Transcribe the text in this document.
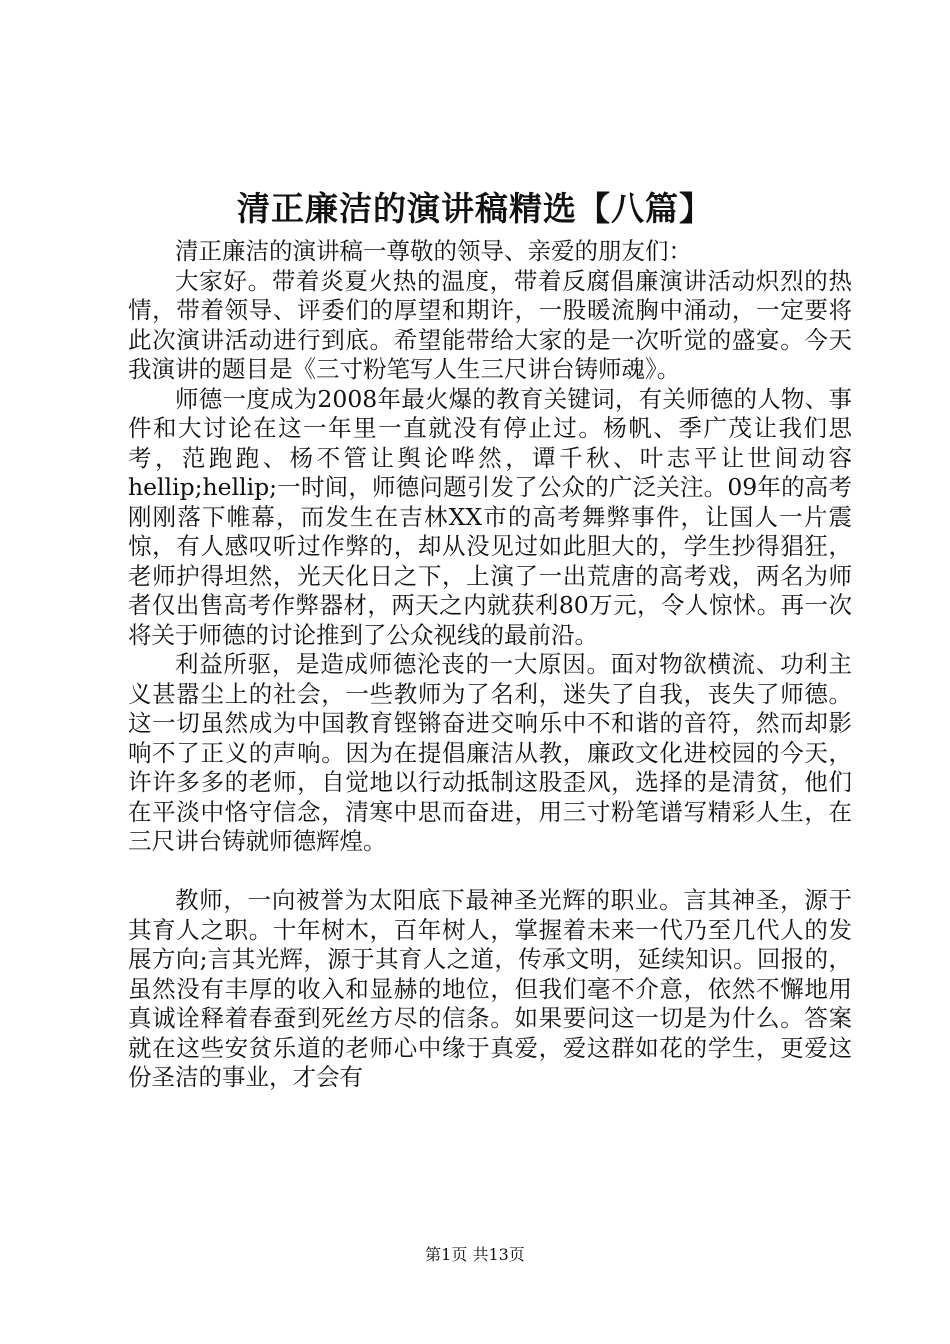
清正廉洁的演讲稿精选【八篇】

清正廉洁的演讲稿一尊敬的领导、亲爱的朋友们：

大家好。带着炎夏火热的温度，带着反腐倡廉演讲活动炽烈的热情，带着领导、评委们的厚望和期许，一股暖流胸中涌动，一定要将此次演讲活动进行到底。希望能带给大家的是一次听觉的盛宴。今天我演讲的题目是《三寸粉笔写人生三尺讲台铸师魂》。

师德一度成为2008年最火爆的教育关键词，有关师德的人物、事件和大讨论在这一年里一直就没有停止过。杨帆、季广茂让我们思考，范跑跑、杨不管让舆论哗然，谭千秋、叶志平让世间动容hellip;hellip;一时间，师德问题引发了公众的广泛关注。09年的高考刚刚落下帷幕，而发生在吉林XX市的高考舞弊事件，让国人一片震惊，有人感叹听过作弊的，却从没见过如此胆大的，学生抄得猖狂，老师护得坦然，光天化日之下，上演了一出荒唐的高考戏，两名为师者仅出售高考作弊器材，两天之内就获利80万元，令人惊怵。再一次将关于师德的讨论推到了公众视线的最前沿。

利益所驱，是造成师德沦丧的一大原因。面对物欲横流、功利主义甚嚣尘上的社会，一些教师为了名利，迷失了自我，丧失了师德。这一切虽然成为中国教育铿锵奋进交响乐中不和谐的音符，然而却影响不了正义的声响。因为在提倡廉洁从教，廉政文化进校园的今天，许许多多的老师，自觉地以行动抵制这股歪风，选择的是清贫，他们在平淡中恪守信念，清寒中思而奋进，用三寸粉笔谱写精彩人生，在三尺讲台铸就师德辉煌。

教师，一向被誉为太阳底下最神圣光辉的职业。言其神圣，源于其育人之职。十年树木，百年树人，掌握着未来一代乃至几代人的发展方向;言其光辉，源于其育人之道，传承文明，延续知识。回报的，虽然没有丰厚的收入和显赫的地位，但我们毫不介意，依然不懈地用真诚诠释着春蚕到死丝方尽的信条。如果要问这一切是为什么。答案就在这些安贫乐道的老师心中缘于真爱，爱这群如花的学生，更爱这份圣洁的事业，才会有

第1页 共13页
